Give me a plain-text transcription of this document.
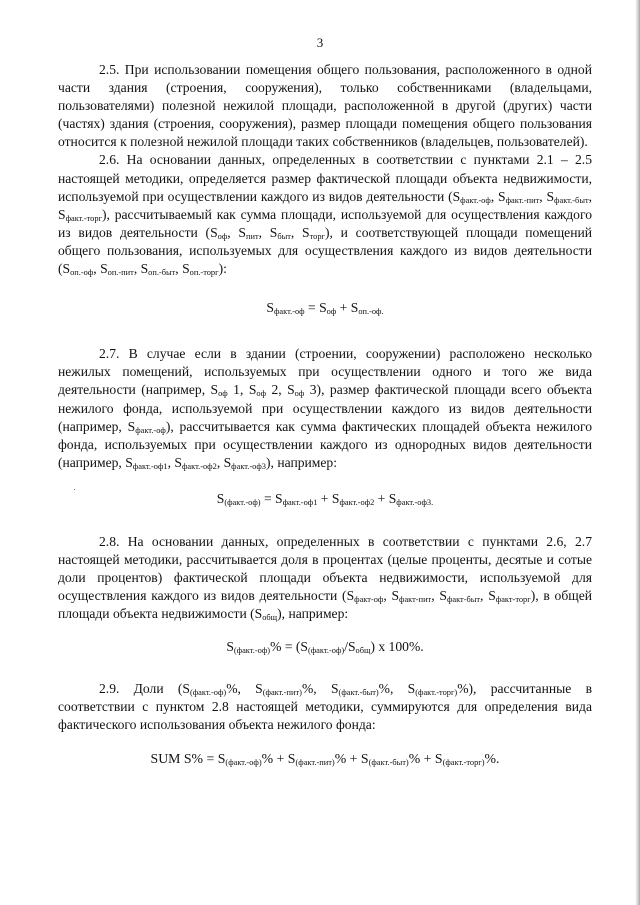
3

2.5. При использовании помещения общего пользования, расположенного в одной части здания (строения, сооружения), только собственниками (владельцами, пользователями) полезной нежилой площади, расположенной в другой (других) части (частях) здания (строения, сооружения), размер площади помещения общего пользования относится к полезной нежилой площади таких собственников (владельцев, пользователей).

2.6. На основании данных, определенных в соответствии с пунктами 2.1 – 2.5 настоящей методики, определяется размер фактической площади объекта недвижимости, используемой при осуществлении каждого из видов деятельности ($S_{факт.-оф}$, $S_{факт.-пит}$, $S_{факт.-быт}$, $S_{факт.-торг}$), рассчитываемый как сумма площади, используемой для осуществления каждого из видов деятельности ($S_{оф}$, $S_{пит}$, $S_{быт}$, $S_{торг}$), и соответствующей площади помещений общего пользования, используемых для осуществления каждого из видов деятельности ($S_{оп.-оф}$, $S_{оп.-пит}$, $S_{оп.-быт}$, $S_{оп.-торг}$):

$S_{факт.-оф} = S_{оф} + S_{оп.-оф.}$

2.7. В случае если в здании (строении, сооружении) расположено несколько нежилых помещений, используемых при осуществлении одного и того же вида деятельности (например, $S_{оф}$ 1, $S_{оф}$ 2, $S_{оф}$ 3), размер фактической площади всего объекта нежилого фонда, используемой при осуществлении каждого из видов деятельности (например, $S_{факт.-оф}$), рассчитывается как сумма фактических площадей объекта нежилого фонда, используемых при осуществлении каждого из однородных видов деятельности (например, $S_{факт.-оф1}$, $S_{факт.-оф2}$, $S_{факт.-оф3}$), например:

$S_{(факт.-оф)} = S_{факт.-оф1} + S_{факт.-оф2} + S_{факт.-оф3.}$

2.8. На основании данных, определенных в соответствии с пунктами 2.6, 2.7 настоящей методики, рассчитывается доля в процентах (целые проценты, десятые и сотые доли процентов) фактической площади объекта недвижимости, используемой для осуществления каждого из видов деятельности ($S_{факт-оф}$, $S_{факт-пит}$, $S_{факт-быт}$, $S_{факт-торг}$), в общей площади объекта недвижимости $(S_{общ})$, например:

$S_{(факт.-оф)}\% = (S_{(факт.-оф)}/S_{общ})$ x 100%.

2.9. Доли ($S_{(факт.-оф)}\%$, $S_{(факт.-пит)}\%$, $S_{(факт.-быт)}\%$, $S_{(факт.-торг)}\%$), рассчитанные в соответствии с пунктом 2.8 настоящей методики, суммируются для определения вида фактического использования объекта нежилого фонда:

SUM $S\% = S_{(факт.-оф)}\% + S_{(факт.-пит)}\% + S_{(факт.-быт)}\% + S_{(факт.-торг)}\%$.
